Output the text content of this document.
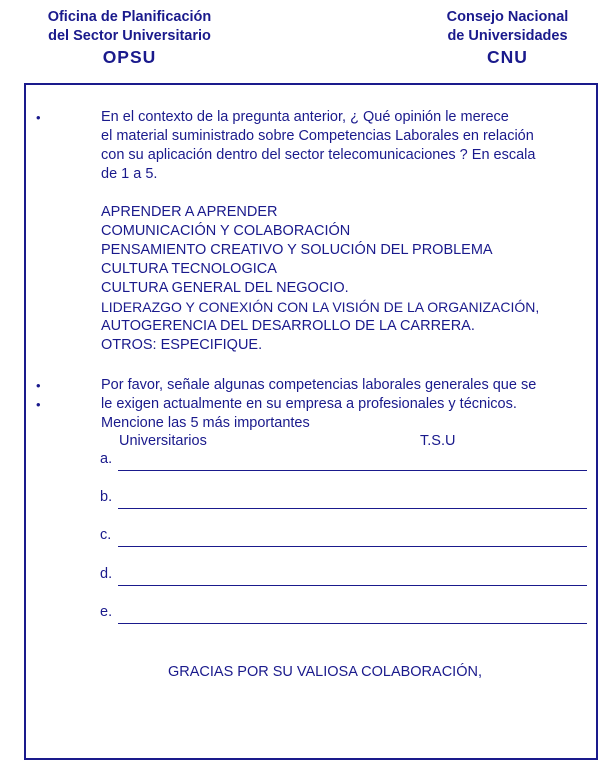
Oficina de Planificación
del Sector Universitario
OPSU
Consejo Nacional
de Universidades
CNU
•	En el contexto de la pregunta anterior, ¿ Qué opinión le merece
el material suministrado sobre Competencias Laborales en relación
con su aplicación dentro del sector telecomunicaciones ? En escala
de 1 a 5.
APRENDER A APRENDER
COMUNICACIÓN Y COLABORACIÓN
PENSAMIENTO CREATIVO Y SOLUCIÓN DEL PROBLEMA
CULTURA TECNOLOGICA
CULTURA GENERAL DEL NEGOCIO.
LIDERAZGO Y CONEXIÓN CON LA VISIÓN DE LA ORGANIZACIÓN,
AUTOGERENCIA DEL DESARROLLO DE LA CARRERA.
OTROS: ESPECIFIQUE.
•
•
Por favor, señale algunas competencias laborales generales que se
le exigen actualmente en su empresa a profesionales y técnicos.
Mencione las 5 más importantes
Universitarios	T.S.U
a.
b.
c.
d.
e.
GRACIAS POR SU VALIOSA COLABORACIÓN,
